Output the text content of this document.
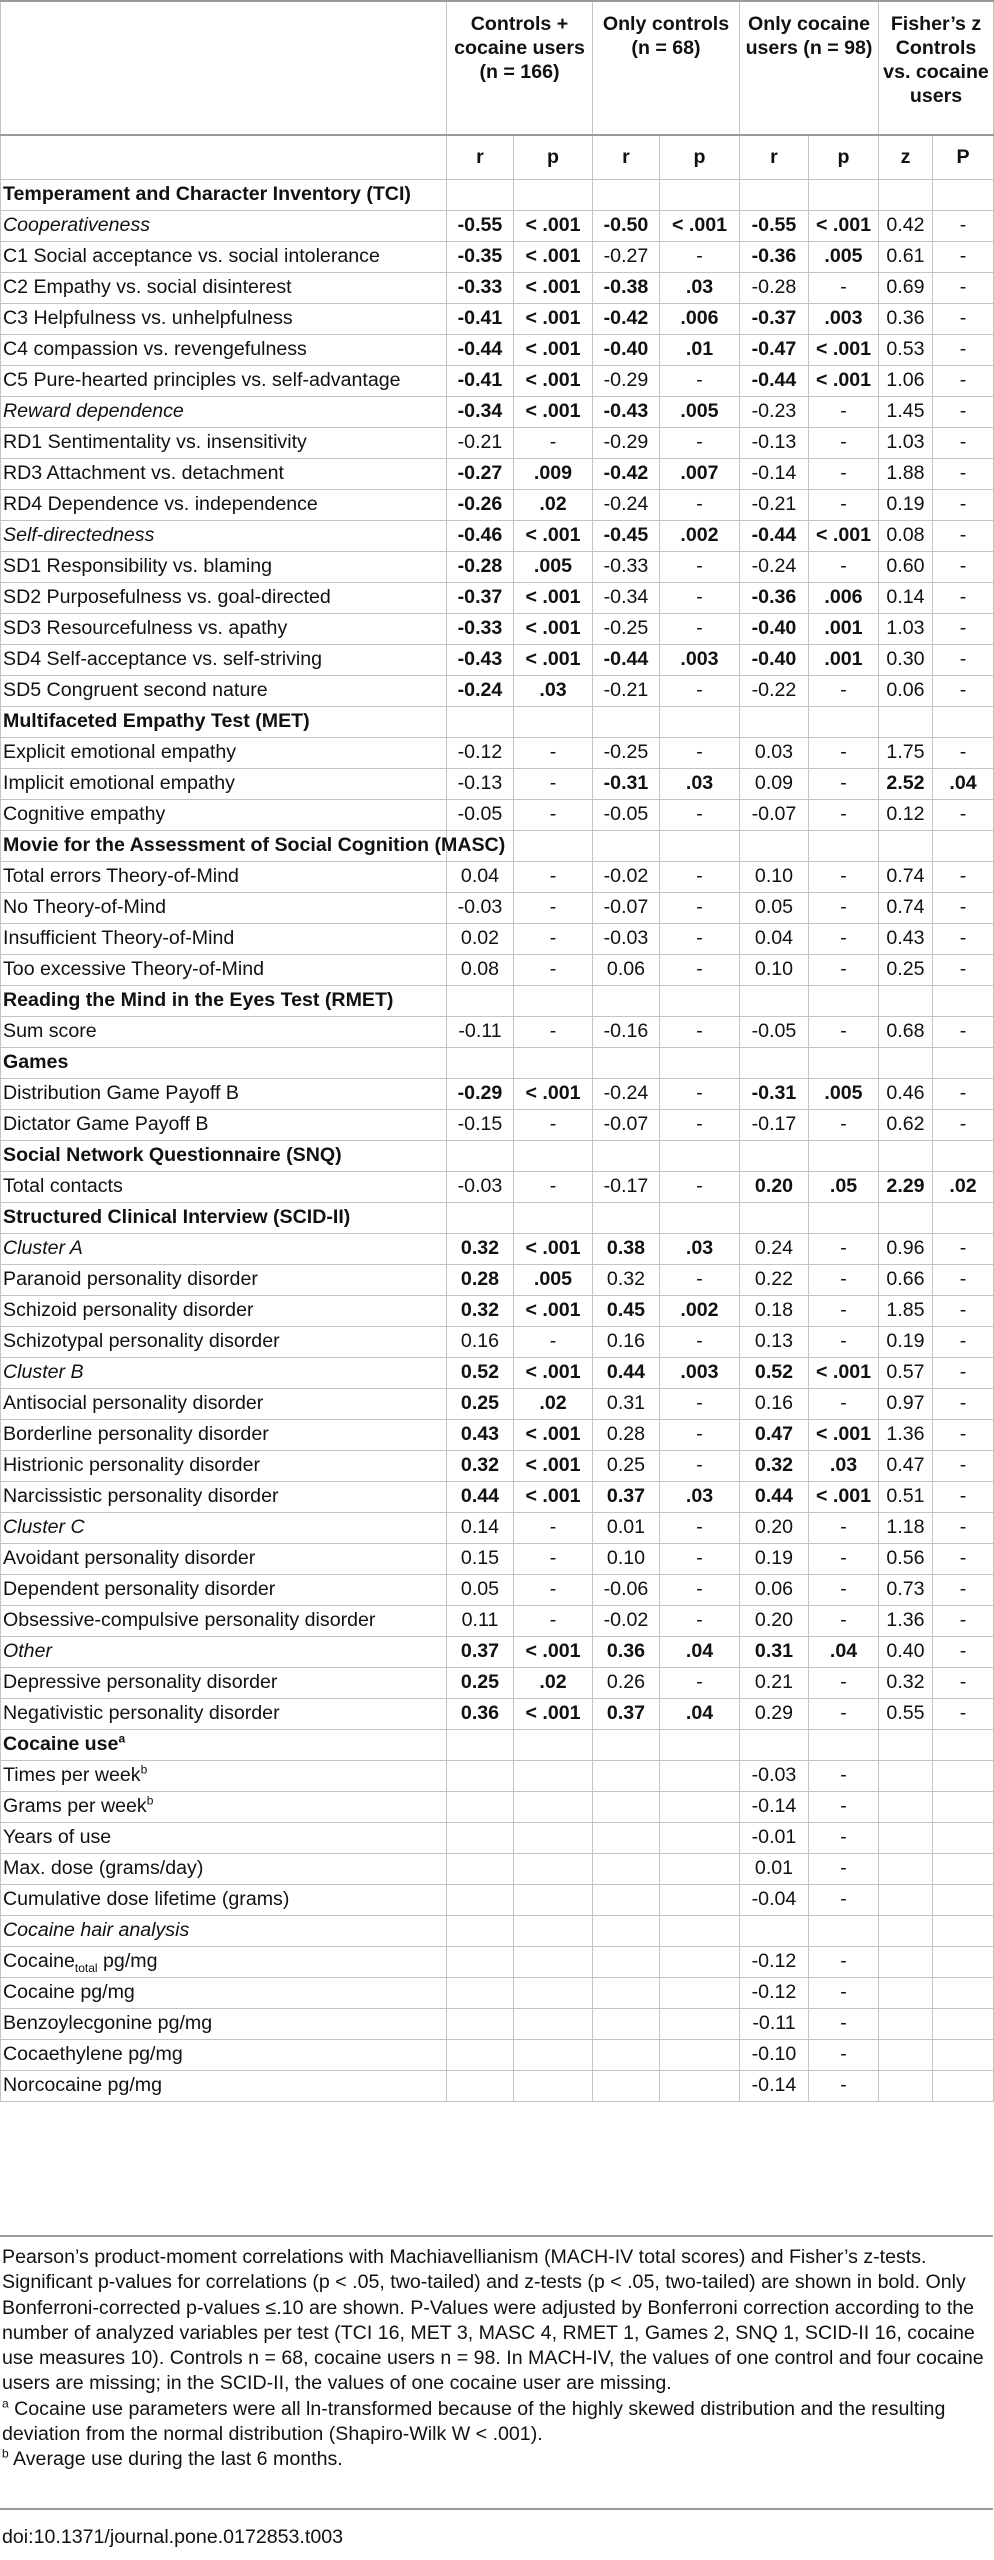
	Controls + cocaine users (n = 166)		Only controls (n = 68)		Only cocaine users (n = 98)		Fisher’s z Controls vs. cocaine users	
	r	p	r	p	r	p	z	P
Temperament and Character Inventory (TCI)								
Cooperativeness	-0.55	< .001	-0.50	< .001	-0.55	< .001	0.42	-
C1 Social acceptance vs. social intolerance	-0.35	< .001	-0.27	-	-0.36	.005	0.61	-
C2 Empathy vs. social disinterest	-0.33	< .001	-0.38	.03	-0.28	-	0.69	-
C3 Helpfulness vs. unhelpfulness	-0.41	< .001	-0.42	.006	-0.37	.003	0.36	-
C4 compassion vs. revengefulness	-0.44	< .001	-0.40	.01	-0.47	< .001	0.53	-
C5 Pure-hearted principles vs. self-advantage	-0.41	< .001	-0.29	-	-0.44	< .001	1.06	-
Reward dependence	-0.34	< .001	-0.43	.005	-0.23	-	1.45	-
RD1 Sentimentality vs. insensitivity	-0.21	-	-0.29	-	-0.13	-	1.03	-
RD3 Attachment vs. detachment	-0.27	.009	-0.42	.007	-0.14	-	1.88	-
RD4 Dependence vs. independence	-0.26	.02	-0.24	-	-0.21	-	0.19	-
Self-directedness	-0.46	< .001	-0.45	.002	-0.44	< .001	0.08	-
SD1 Responsibility vs. blaming	-0.28	.005	-0.33	-	-0.24	-	0.60	-
SD2 Purposefulness vs. goal-directed	-0.37	< .001	-0.34	-	-0.36	.006	0.14	-
SD3 Resourcefulness vs. apathy	-0.33	< .001	-0.25	-	-0.40	.001	1.03	-
SD4 Self-acceptance vs. self-striving	-0.43	< .001	-0.44	.003	-0.40	.001	0.30	-
SD5 Congruent second nature	-0.24	.03	-0.21	-	-0.22	-	0.06	-
Multifaceted Empathy Test (MET)								
Explicit emotional empathy	-0.12	-	-0.25	-	0.03	-	1.75	-
Implicit emotional empathy	-0.13	-	-0.31	.03	0.09	-	2.52	.04
Cognitive empathy	-0.05	-	-0.05	-	-0.07	-	0.12	-
Movie for the Assessment of Social Cognition (MASC)								
Total errors Theory-of-Mind	0.04	-	-0.02	-	0.10	-	0.74	-
No Theory-of-Mind	-0.03	-	-0.07	-	0.05	-	0.74	-
Insufficient Theory-of-Mind	0.02	-	-0.03	-	0.04	-	0.43	-
Too excessive Theory-of-Mind	0.08	-	0.06	-	0.10	-	0.25	-
Reading the Mind in the Eyes Test (RMET)								
Sum score	-0.11	-	-0.16	-	-0.05	-	0.68	-
Games								
Distribution Game Payoff B	-0.29	< .001	-0.24	-	-0.31	.005	0.46	-
Dictator Game Payoff B	-0.15	-	-0.07	-	-0.17	-	0.62	-
Social Network Questionnaire (SNQ)								
Total contacts	-0.03	-	-0.17	-	0.20	.05	2.29	.02
Structured Clinical Interview (SCID-II)								
Cluster A	0.32	< .001	0.38	.03	0.24	-	0.96	-
Paranoid personality disorder	0.28	.005	0.32	-	0.22	-	0.66	-
Schizoid personality disorder	0.32	< .001	0.45	.002	0.18	-	1.85	-
Schizotypal personality disorder	0.16	-	0.16	-	0.13	-	0.19	-
Cluster B	0.52	< .001	0.44	.003	0.52	< .001	0.57	-
Antisocial personality disorder	0.25	.02	0.31	-	0.16	-	0.97	-
Borderline personality disorder	0.43	< .001	0.28	-	0.47	< .001	1.36	-
Histrionic personality disorder	0.32	< .001	0.25	-	0.32	.03	0.47	-
Narcissistic personality disorder	0.44	< .001	0.37	.03	0.44	< .001	0.51	-
Cluster C	0.14	-	0.01	-	0.20	-	1.18	-
Avoidant personality disorder	0.15	-	0.10	-	0.19	-	0.56	-
Dependent personality disorder	0.05	-	-0.06	-	0.06	-	0.73	-
Obsessive-compulsive personality disorder	0.11	-	-0.02	-	0.20	-	1.36	-
Other	0.37	< .001	0.36	.04	0.31	.04	0.40	-
Depressive personality disorder	0.25	.02	0.26	-	0.21	-	0.32	-
Negativistic personality disorder	0.36	< .001	0.37	.04	0.29	-	0.55	-
Cocaine use$^a$								
Times per week$^b$					-0.03	-		
Grams per week$^b$					-0.14	-		
Years of use					-0.01	-		
Max. dose (grams/day)					0.01	-		
Cumulative dose lifetime (grams)					-0.04	-		
Cocaine hair analysis								
Cocaine$_{total}$ pg/mg					-0.12	-		
Cocaine pg/mg					-0.12	-		
Benzoylecgonine pg/mg					-0.11	-		
Cocaethylene pg/mg					-0.10	-		
Norcocaine pg/mg					-0.14	-		

Pearson’s product-moment correlations with Machiavellianism (MACH-IV total scores) and Fisher’s z-tests. Significant p-values for correlations (p < .05, two-tailed) and z-tests (p < .05, two-tailed) are shown in bold. Only Bonferroni-corrected p-values ≤.10 are shown. P-Values were adjusted by Bonferroni correction according to the number of analyzed variables per test (TCI 16, MET 3, MASC 4, RMET 1, Games 2, SNQ 1, SCID-II 16, cocaine use measures 10). Controls n = 68, cocaine users n = 98. In MACH-IV, the values of one control and four cocaine users are missing; in the SCID-II, the values of one cocaine user are missing.

$^a$ Cocaine use parameters were all ln-transformed because of the highly skewed distribution and the resulting deviation from the normal distribution (Shapiro-Wilk W < .001).

$^b$ Average use during the last 6 months.

doi:10.1371/journal.pone.0172853.t003
